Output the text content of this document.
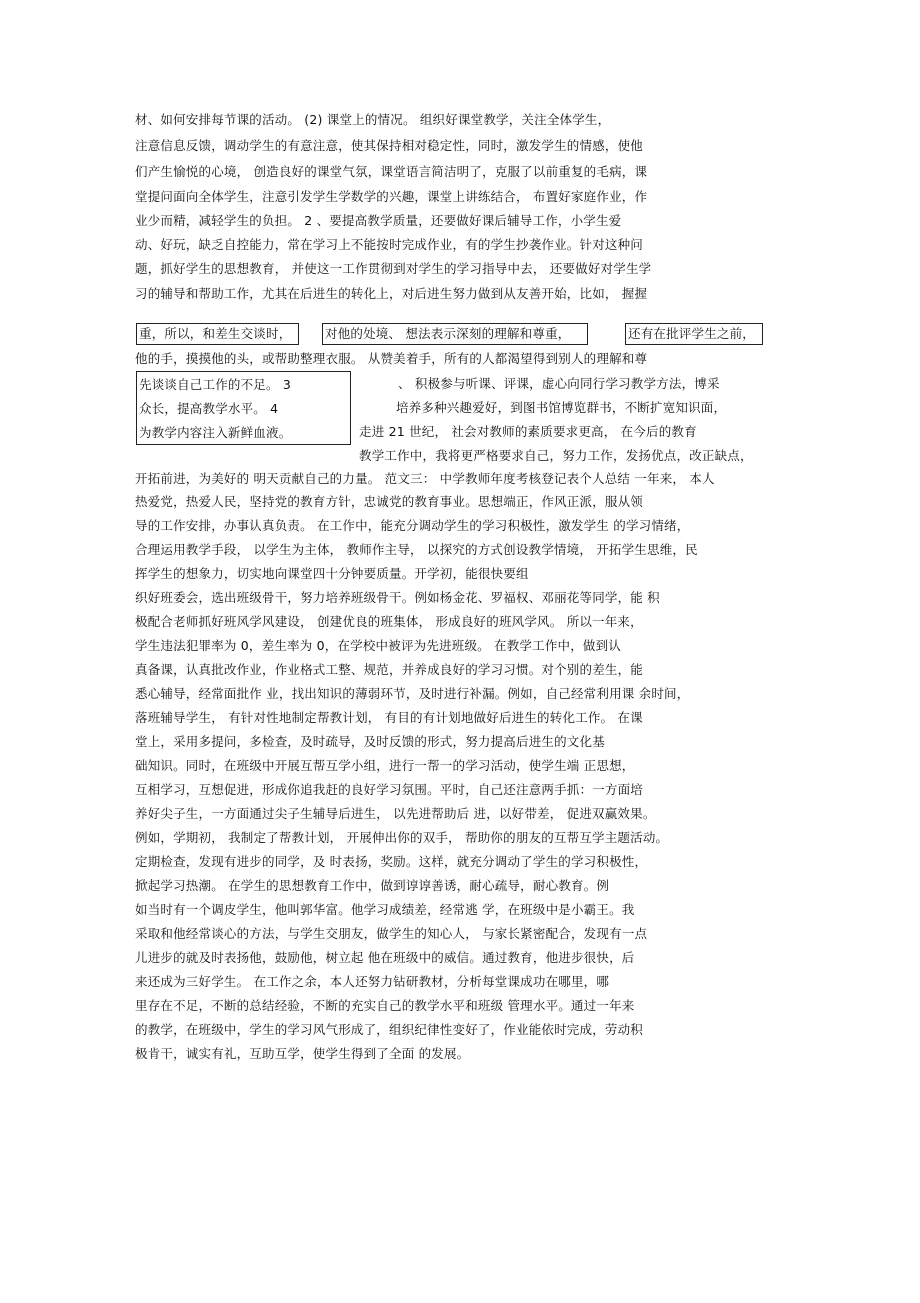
材、如何安排每节课的活动。 (2) 课堂上的情况。 组织好课堂教学，关注全体学生，
注意信息反馈，调动学生的有意注意，使其保持相对稳定性，同时，激发学生的情感，使他
们产生愉悦的心境， 创造良好的课堂气氛，课堂语言简洁明了，克服了以前重复的毛病，课
堂提问面向全体学生，注意引发学生学数学的兴趣，课堂上讲练结合， 布置好家庭作业，作
业少而精，减轻学生的负担。 2 、要提高教学质量，还要做好课后辅导工作，小学生爱
动、好玩，缺乏自控能力，常在学习上不能按时完成作业，有的学生抄袭作业。针对这种问
题，抓好学生的思想教育， 并使这一工作贯彻到对学生的学习指导中去， 还要做好对学生学
习的辅导和帮助工作，尤其在后进生的转化上，对后进生努力做到从友善开始，比如， 握握
重，所以，和差生交谈时，	对他的处境、 想法表示深刻的理解和尊重，	还有在批评学生之前，
他的手，摸摸他的头，或帮助整理衣服。 从赞美着手，所有的人都渴望得到别人的理解和尊
先谈谈自己工作的不足。 3
众长，提高教学水平。 4
为教学内容注入新鲜血液。
、 积极参与听课、评课，虚心向同行学习教学方法，博采
培养多种兴趣爱好，到图书馆博览群书，不断扩宽知识面，
走进 21 世纪， 社会对教师的素质要求更高， 在今后的教育
教学工作中，我将更严格要求自己，努力工作，发扬优点，改正缺点，
开拓前进，为美好的 明天贡献自己的力量。 范文三： 中学教师年度考核登记表个人总结 一年来， 本人
热爱党，热爱人民，坚持党的教育方针，忠诚党的教育事业。思想端正，作风正派，服从领
导的工作安排，办事认真负责。 在工作中，能充分调动学生的学习积极性，激发学生 的学习情绪，
合理运用教学手段， 以学生为主体， 教师作主导， 以探究的方式创设教学情境， 开拓学生思维，民
挥学生的想象力，切实地向课堂四十分钟要质量。开学初，能很快要组
织好班委会，选出班级骨干，努力培养班级骨干。例如杨金花、罗福权、邓丽花等同学，能 积
极配合老师抓好班风学风建设， 创建优良的班集体， 形成良好的班风学风。 所以一年来，
学生违法犯罪率为 0，差生率为 0，在学校中被评为先进班级。 在教学工作中，做到认
真备课，认真批改作业，作业格式工整、规范，并养成良好的学习习惯。对个别的差生，能
悉心辅导，经常面批作 业，找出知识的薄弱环节，及时进行补漏。例如，自己经常利用课 余时间，
落班辅导学生， 有针对性地制定帮教计划， 有目的有计划地做好后进生的转化工作。 在课
堂上，采用多提问，多检查，及时疏导，及时反馈的形式，努力提高后进生的文化基
础知识。同时，在班级中开展互帮互学小组，进行一帮一的学习活动，使学生端 正思想，
互相学习，互想促进，形成你追我赶的良好学习氛围。平时，自己还注意两手抓：一方面培
养好尖子生，一方面通过尖子生辅导后进生， 以先进帮助后 进，以好带差， 促进双赢效果。
例如，学期初， 我制定了帮教计划， 开展伸出你的双手， 帮助你的朋友的互帮互学主题活动。
定期检查，发现有进步的同学，及 时表扬，奖励。这样，就充分调动了学生的学习积极性，
掀起学习热潮。 在学生的思想教育工作中，做到谆谆善诱，耐心疏导，耐心教育。例
如当时有一个调皮学生，他叫郭华富。他学习成绩差，经常逃 学，在班级中是小霸王。我
采取和他经常谈心的方法，与学生交朋友，做学生的知心人， 与家长紧密配合，发现有一点
儿进步的就及时表扬他，鼓励他，树立起 他在班级中的威信。通过教育，他进步很快，后
来还成为三好学生。 在工作之余，本人还努力钻研教材，分析每堂课成功在哪里，哪
里存在不足，不断的总结经验，不断的充实自己的教学水平和班级 管理水平。通过一年来
的教学，在班级中，学生的学习风气形成了，组织纪律性变好了，作业能依时完成，劳动积
极肯干，诚实有礼，互助互学，使学生得到了全面 的发展。
